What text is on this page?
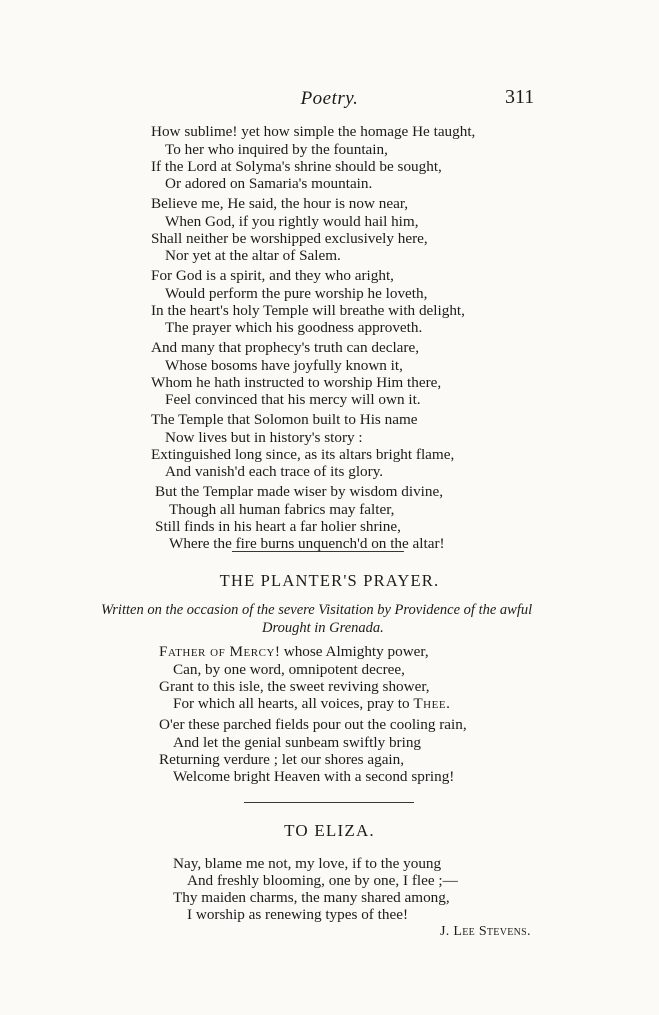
Poetry.	311
How sublime! yet how simple the homage He taught,
To her who inquired by the fountain,
If the Lord at Solyma's shrine should be sought,
Or adored on Samaria's mountain.
Believe me, He said, the hour is now near,
When God, if you rightly would hail him,
Shall neither be worshipped exclusively here,
Nor yet at the altar of Salem.
For God is a spirit, and they who aright,
Would perform the pure worship he loveth,
In the heart's holy Temple will breathe with delight,
The prayer which his goodness approveth.
And many that prophecy's truth can declare,
Whose bosoms have joyfully known it,
Whom he hath instructed to worship Him there,
Feel convinced that his mercy will own it.
The Temple that Solomon built to His name
Now lives but in history's story :
Extinguished long since, as its altars bright flame,
And vanish'd each trace of its glory.
But the Templar made wiser by wisdom divine,
Though all human fabrics may falter,
Still finds in his heart a far holier shrine,
Where the fire burns unquench'd on the altar!
THE PLANTER'S PRAYER.
Written on the occasion of the severe Visitation by Providence of the awful
Drought in Grenada.
Father of Mercy! whose Almighty power,
Can, by one word, omnipotent decree,
Grant to this isle, the sweet reviving shower,
For which all hearts, all voices, pray to Thee.
O'er these parched fields pour out the cooling rain,
And let the genial sunbeam swiftly bring
Returning verdure ; let our shores again,
Welcome bright Heaven with a second spring!
TO ELIZA.
Nay, blame me not, my love, if to the young
And freshly blooming, one by one, I flee ;—
Thy maiden charms, the many shared among,
I worship as renewing types of thee!
J. Lee Stevens.
